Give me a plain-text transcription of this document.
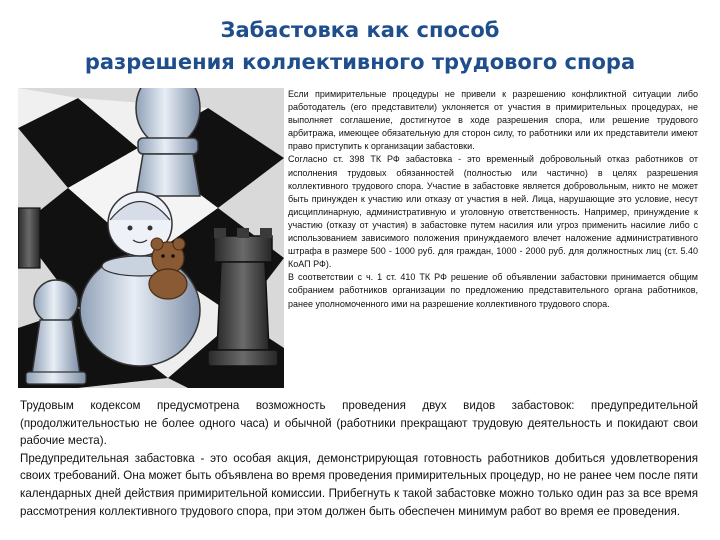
Забастовка как способ
разрешения коллективного трудового спора

Если примирительные процедуры не привели к разрешению конфликтной ситуации либо работодатель (его представители) уклоняется от участия в примирительных процедурах, не выполняет соглашение, достигнутое в ходе разрешения спора, или решение трудового арбитража, имеющее обязательную для сторон силу, то работники или их представители имеют право приступить к организации забастовки.

Согласно ст. 398 ТК РФ забастовка - это временный добровольный отказ работников от исполнения трудовых обязанностей (полностью или частично) в целях разрешения коллективного трудового спора. Участие в забастовке является добровольным, никто не может быть принужден к участию или отказу от участия в ней. Лица, нарушающие это условие, несут дисциплинарную, административную и уголовную ответственность. Например, принуждение к участию (отказу от участия) в забастовке путем насилия или угроз применить насилие либо с использованием зависимого положения принуждаемого влечет наложение административного штрафа в размере 500 - 1000 руб. для граждан, 1000 - 2000 руб. для должностных лиц (ст. 5.40 КоАП РФ).

В соответствии с ч. 1 ст. 410 ТК РФ решение об объявлении забастовки принимается общим собранием работников организации по предложению представительного органа работников, ранее уполномоченного ими на разрешение коллективного трудового спора.

Трудовым кодексом предусмотрена возможность проведения двух видов забастовок: предупредительной (продолжительностью не более одного часа) и обычной (работники прекращают трудовую деятельность и покидают свои рабочие места).

Предупредительная забастовка - это особая акция, демонстрирующая готовность работников добиться удовлетворения своих требований. Она может быть объявлена во время проведения примирительных процедур, но не ранее чем после пяти календарных дней действия примирительной комиссии. Прибегнуть к такой забастовке можно только один раз за все время рассмотрения коллективного трудового спора, при этом должен быть обеспечен минимум работ во время ее проведения.
